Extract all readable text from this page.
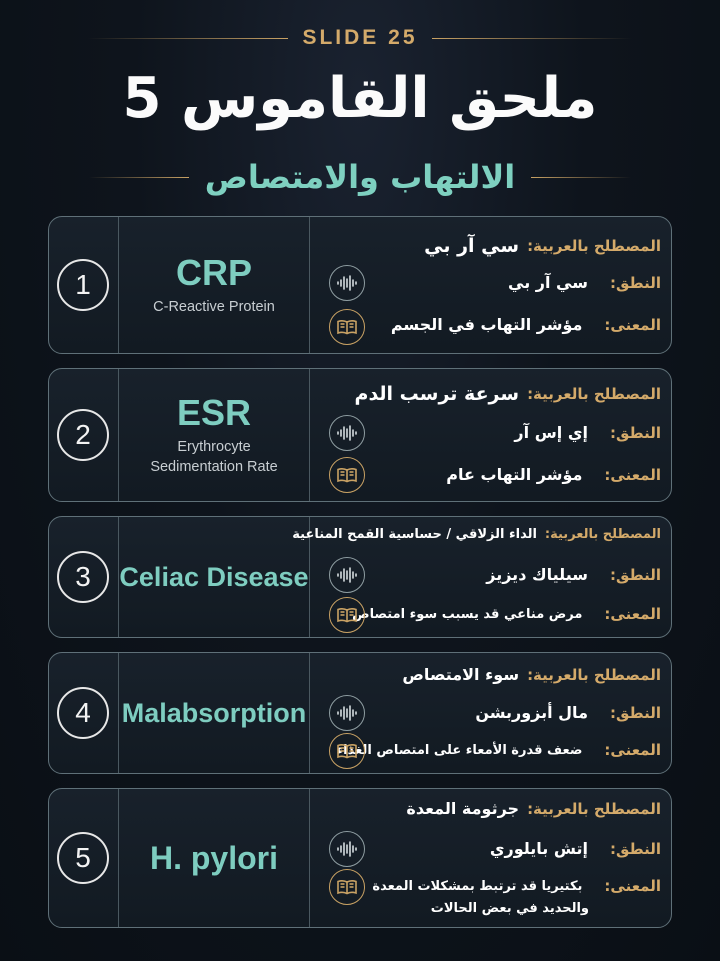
SLIDE 25
ملحق القاموس 5
الالتهاب والامتصاص
1	CRP
C-Reactive Protein
المصطلح بالعربية:
سي آر بي
النطق:
سي آر بي
المعنى:
مؤشر التهاب في الجسم
2
ESR
Erythrocyte
Sedimentation Rate
المصطلح بالعربية:
سرعة ترسب الدم
النطق:
إي إس آر
المعنى:
مؤشر التهاب عام
3	Celiac Disease
المصطلح بالعربية:
الداء الزلاقي / حساسية القمح المناعية
النطق:
سيلياك ديزيز
المعنى:
مرض مناعي قد يسبب سوء امتصاص
4	Malabsorption
المصطلح بالعربية:
سوء الامتصاص
النطق:
مال أبزوربشن
المعنى:
ضعف قدرة الأمعاء على امتصاص الغذاء
5	H. pylori
المصطلح بالعربية:
جرثومة المعدة
النطق:
إتش بايلوري
المعنى:
بكتيريا قد ترتبط بمشكلات المعدة
والحديد في بعض الحالات
